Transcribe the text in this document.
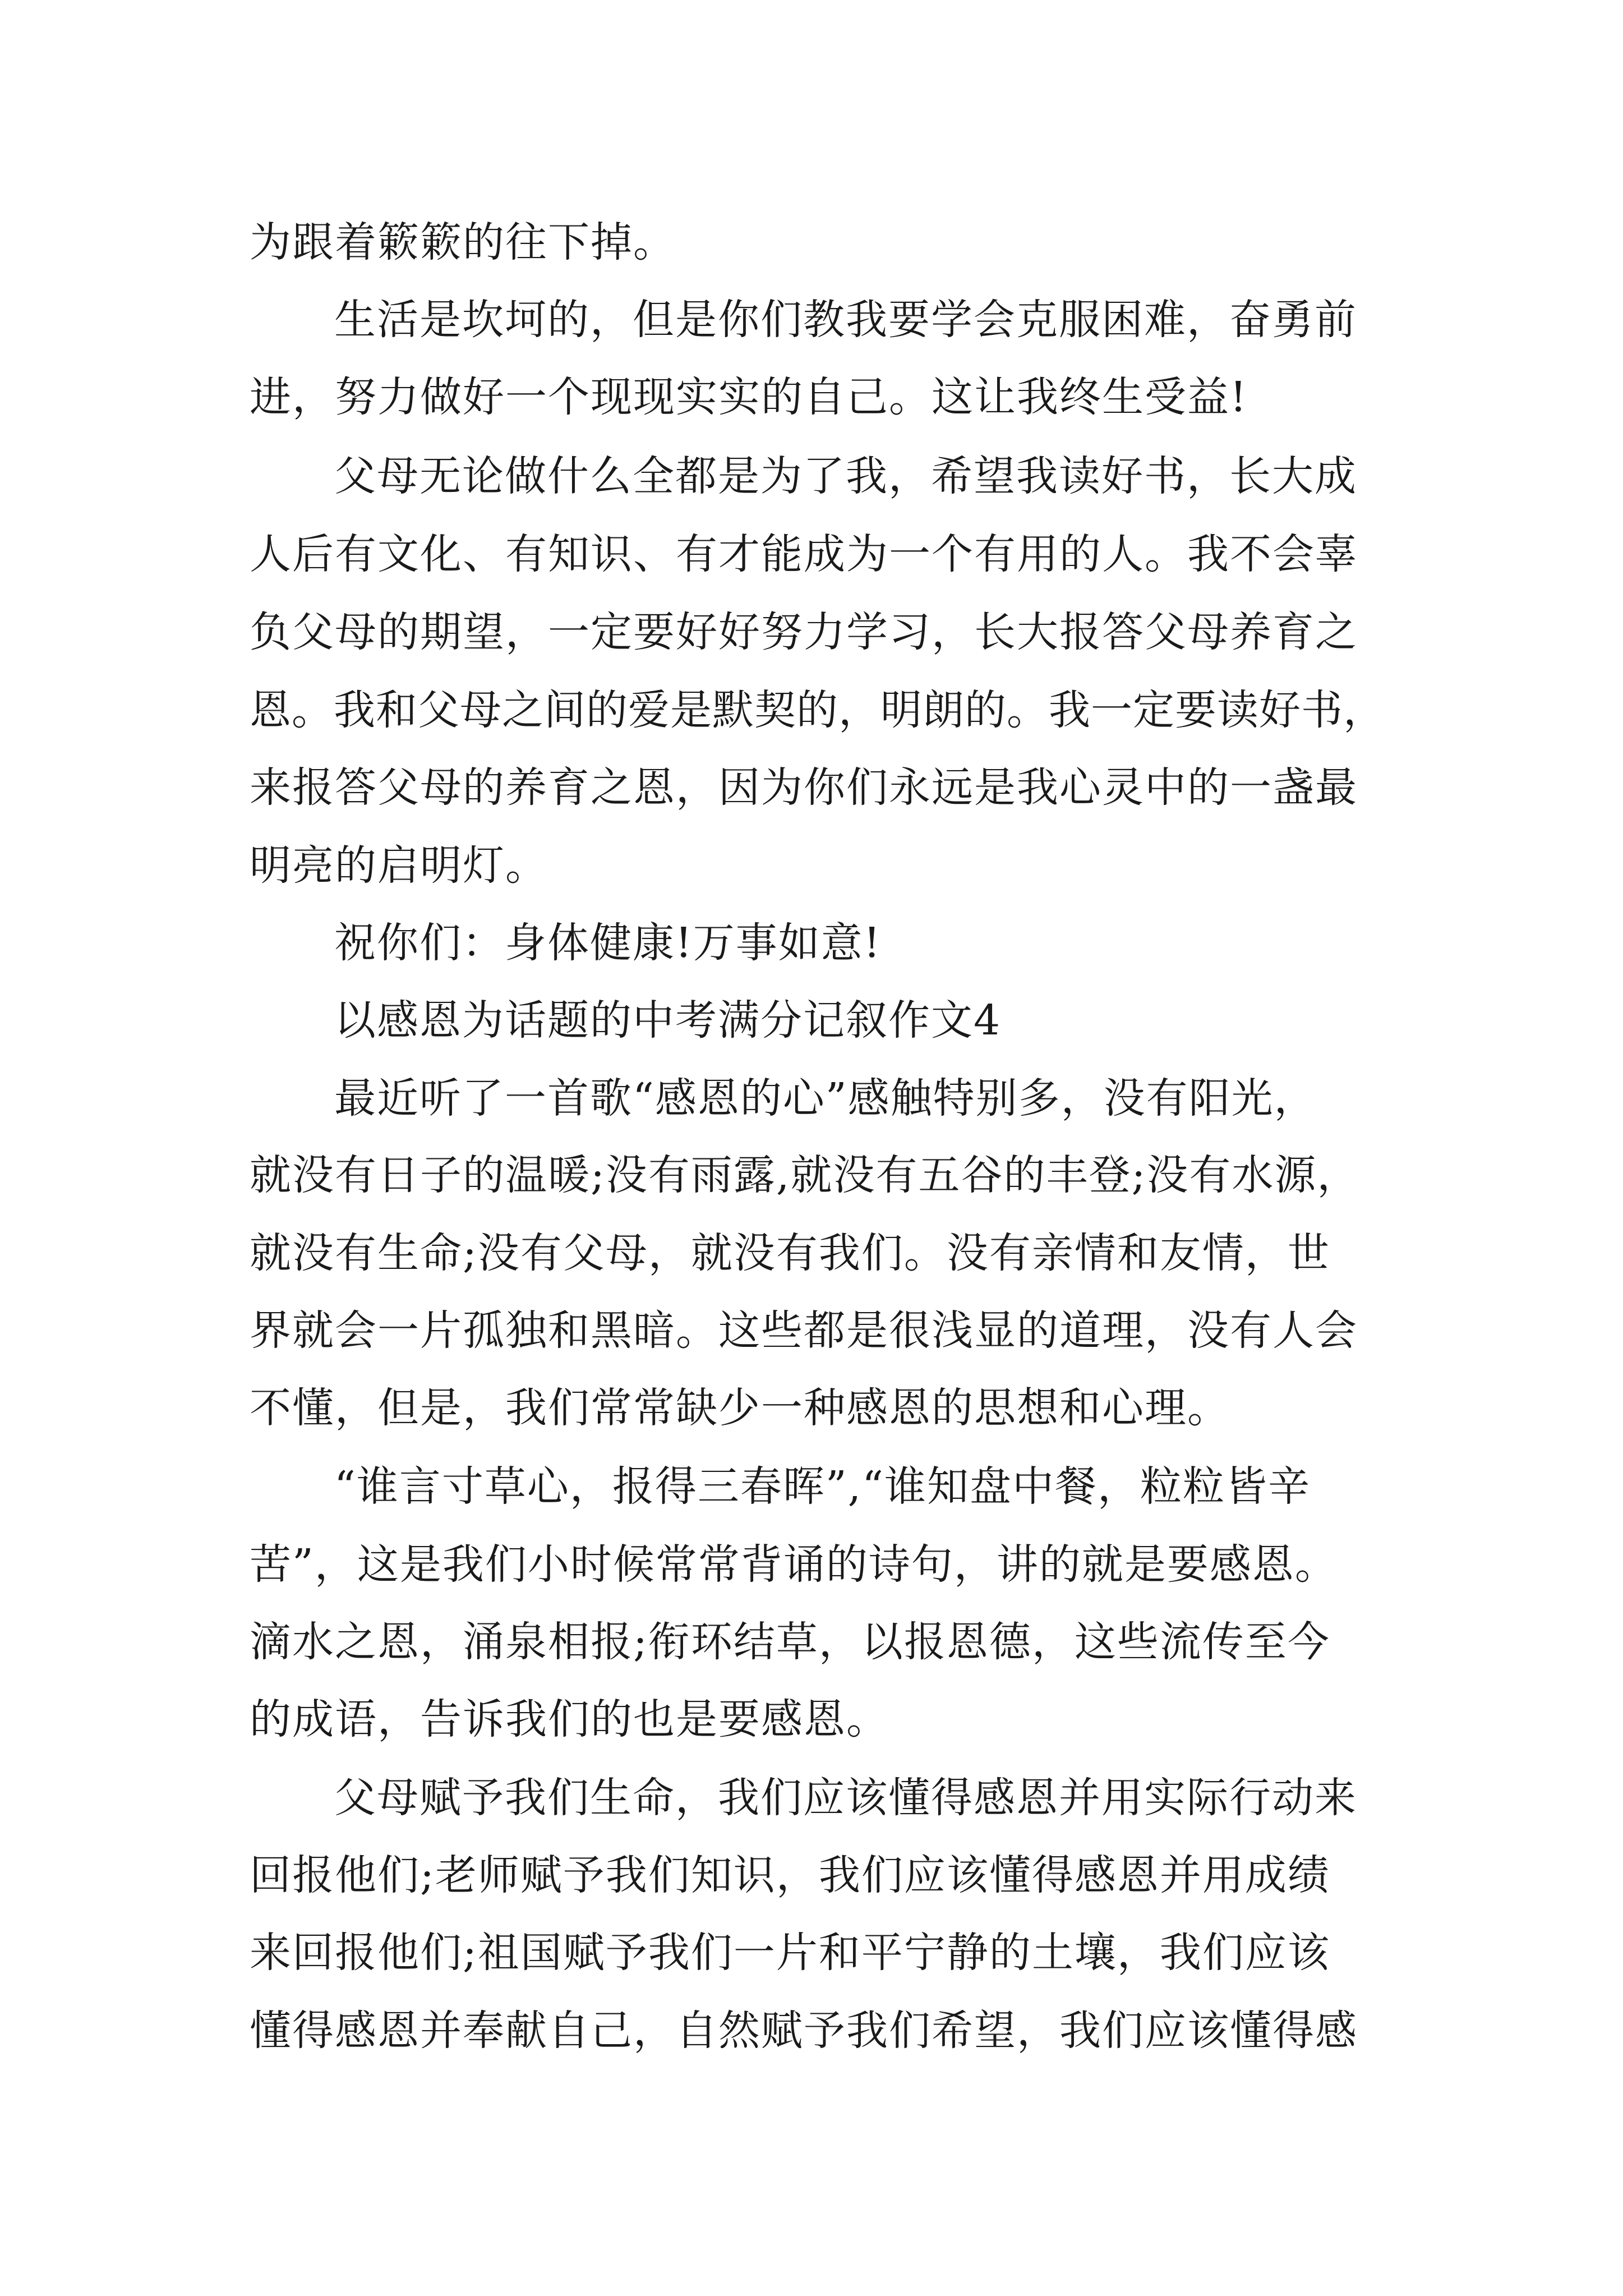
为跟着簌簌的往下掉。

生活是坎坷的，但是你们教我要学会克服困难，奋勇前

进，努力做好一个现现实实的自己。这让我终生受益!

父母无论做什么全都是为了我，希望我读好书，长大成

人后有文化、有知识、有才能成为一个有用的人。我不会辜

负父母的期望，一定要好好努力学习，长大报答父母养育之

恩。我和父母之间的爱是默契的，明朗的。我一定要读好书，

来报答父母的养育之恩，因为你们永远是我心灵中的一盏最

明亮的启明灯。

祝你们：身体健康!万事如意!

以感恩为话题的中考满分记叙作文4

最近听了一首歌“感恩的心”感触特别多，没有阳光，

就没有日子的温暖;没有雨露,就没有五谷的丰登;没有水源，

就没有生命;没有父母，就没有我们。没有亲情和友情，世

界就会一片孤独和黑暗。这些都是很浅显的道理，没有人会

不懂，但是，我们常常缺少一种感恩的思想和心理。

“谁言寸草心，报得三春晖”,“谁知盘中餐，粒粒皆辛

苦”，这是我们小时候常常背诵的诗句，讲的就是要感恩。

滴水之恩，涌泉相报;衔环结草，以报恩德，这些流传至今

的成语，告诉我们的也是要感恩。

父母赋予我们生命，我们应该懂得感恩并用实际行动来

回报他们;老师赋予我们知识，我们应该懂得感恩并用成绩

来回报他们;祖国赋予我们一片和平宁静的土壤，我们应该

懂得感恩并奉献自己，自然赋予我们希望，我们应该懂得感
